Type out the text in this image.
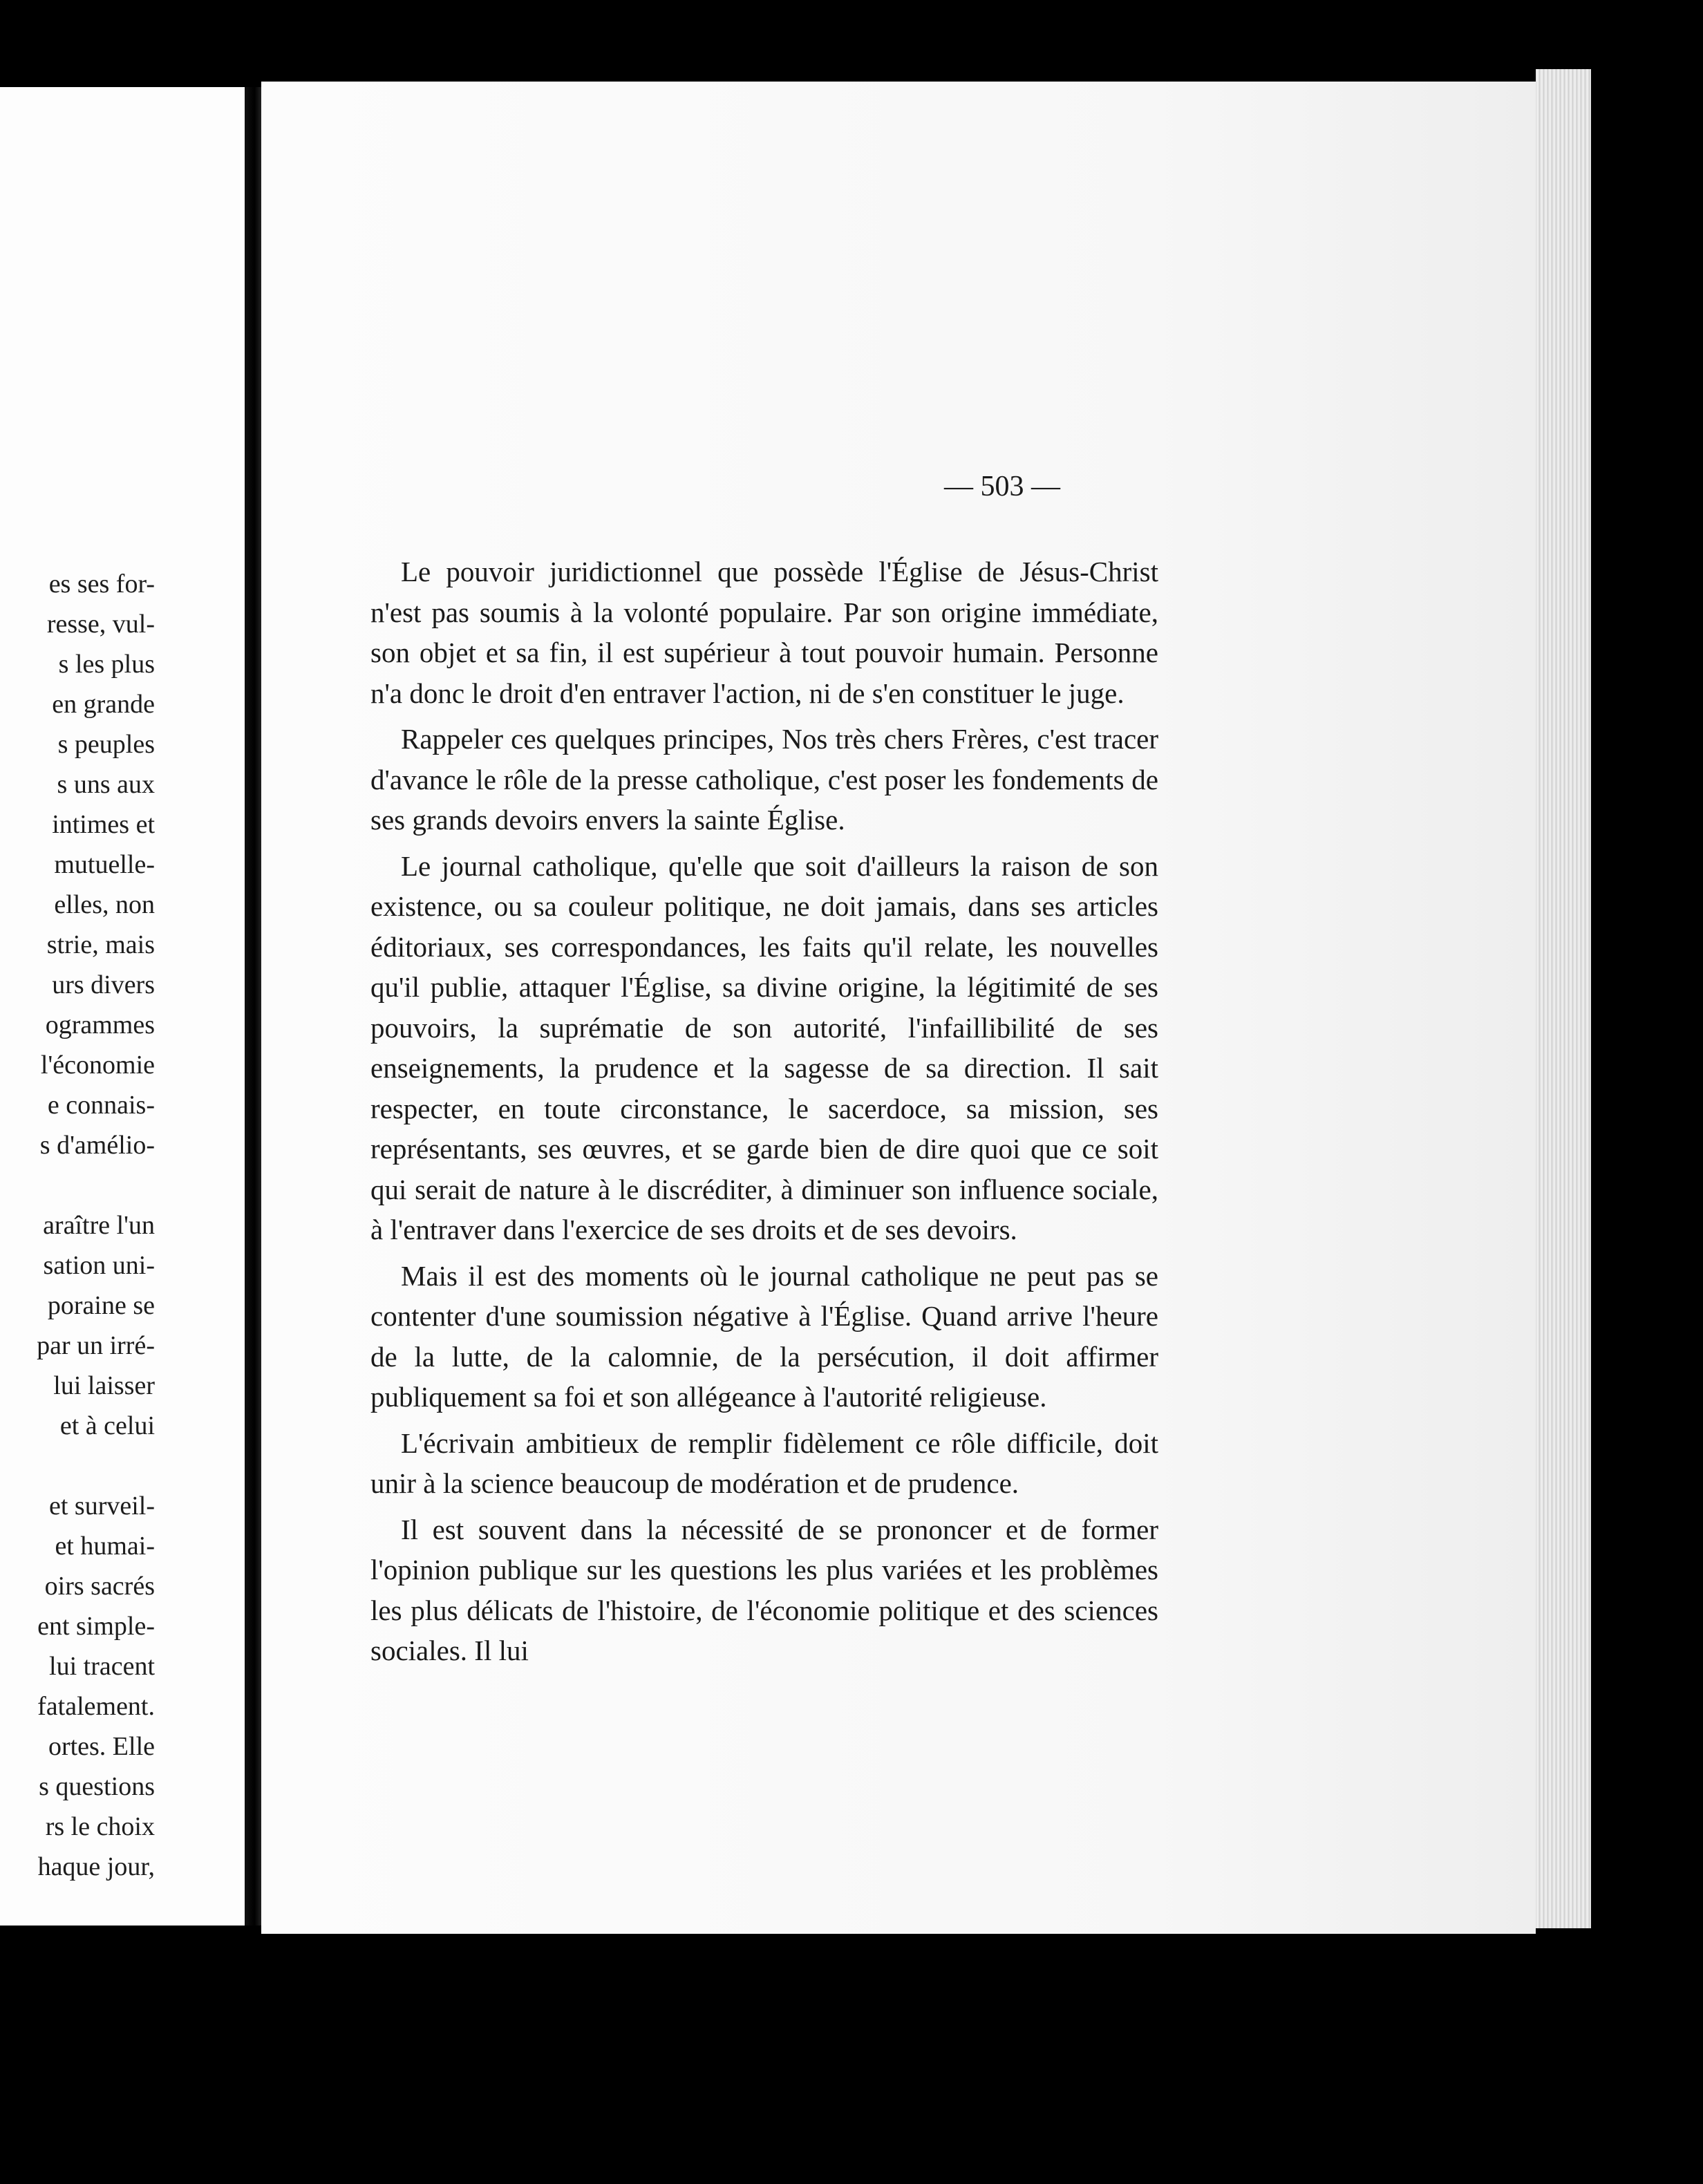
es ses for-
resse, vul-
s les plus
en grande
s peuples
s uns aux
intimes et
mutuelle-
elles, non
strie, mais
urs divers
ogrammes
l'économie
e connais-
s d'amélio-
araître l'un
sation uni-
poraine se
par un irré-
lui laisser
et à celui
et surveil-
et humai-
oirs sacrés
ent simple-
lui tracent
fatalement.
ortes. Elle
s questions
rs le choix
haque jour,
— 503 —

Le pouvoir juridictionnel que possède l'Église de Jésus-Christ n'est pas soumis à la volonté populaire. Par son origine immédiate, son objet et sa fin, il est supérieur à tout pouvoir humain. Personne n'a donc le droit d'en entraver l'action, ni de s'en constituer le juge.

Rappeler ces quelques principes, Nos très chers Frères, c'est tracer d'avance le rôle de la presse catholique, c'est poser les fondements de ses grands devoirs envers la sainte Église.

Le journal catholique, qu'elle que soit d'ailleurs la raison de son existence, ou sa couleur politique, ne doit jamais, dans ses articles éditoriaux, ses correspondances, les faits qu'il relate, les nouvelles qu'il publie, attaquer l'Église, sa divine origine, la légitimité de ses pouvoirs, la suprématie de son autorité, l'infaillibilité de ses enseignements, la prudence et la sagesse de sa direction. Il sait respecter, en toute circonstance, le sacerdoce, sa mission, ses représentants, ses œuvres, et se garde bien de dire quoi que ce soit qui serait de nature à le discréditer, à diminuer son influence sociale, à l'entraver dans l'exercice de ses droits et de ses devoirs.

Mais il est des moments où le journal catholique ne peut pas se contenter d'une soumission négative à l'Église. Quand arrive l'heure de la lutte, de la calomnie, de la persécution, il doit affirmer publiquement sa foi et son allégeance à l'autorité religieuse.

L'écrivain ambitieux de remplir fidèlement ce rôle difficile, doit unir à la science beaucoup de modération et de prudence.

Il est souvent dans la nécessité de se prononcer et de former l'opinion publique sur les questions les plus variées et les problèmes les plus délicats de l'histoire, de l'économie politique et des sciences sociales. Il lui
